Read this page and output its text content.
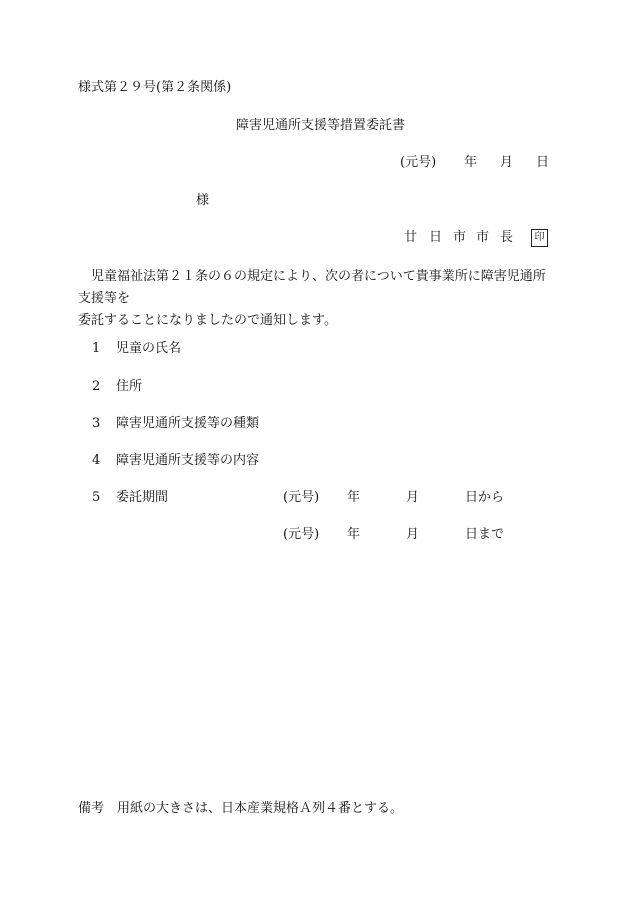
様式第２９号(第２条関係)
障害児通所支援等措置委託書
(元号) 年 月 日
様
廿 日 市 市 長	印

児童福祉法第２１条の６の規定により、次の者について貴事業所に障害児通所支援等を

委託することになりましたので通知します。

1 児童の氏名
2 住所
3 障害児通所支援等の種類
4 障害児通所支援等の内容
5 委託期間	(元号) 年	月	日から
(元号) 年	月	日まで
備考　用紙の大きさは、日本産業規格Ａ列４番とする。
